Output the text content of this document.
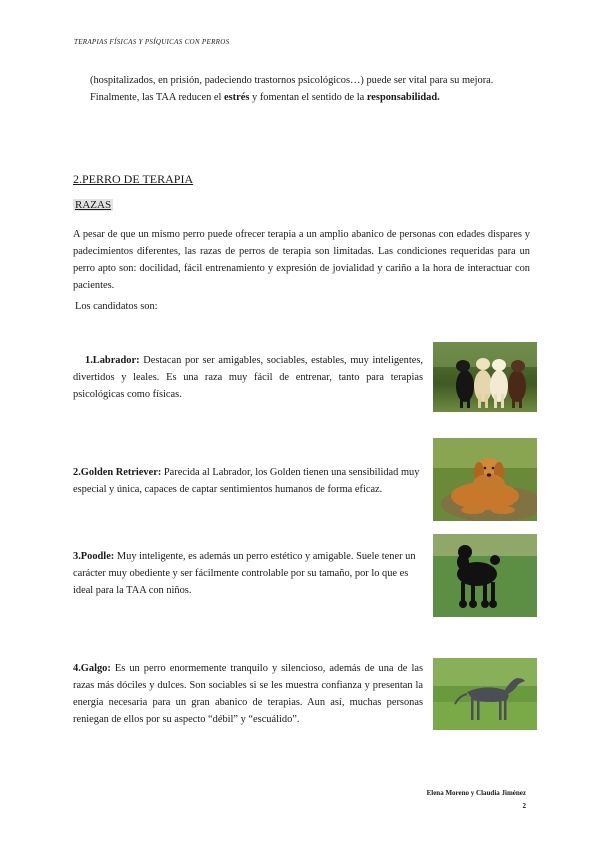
TERAPIAS FÍSICAS Y PSÍQUICAS CON PERROS
(hospitalizados, en prisión, padeciendo trastornos psicológicos…) puede ser vital para su mejora.
Finalmente, las TAA reducen el estrés y fomentan el sentido de la responsabilidad.
2.PERRO DE TERAPIA
RAZAS
A pesar de que un mismo perro puede ofrecer terapia a un amplio abanico de personas con edades dispares y padecimientos diferentes, las razas de perros de terapia son limitadas. Las condiciones requeridas para un perro apto son: docilidad, fácil entrenamiento y expresión de jovialidad y cariño a la hora de interactuar con pacientes.
Los candidatos son:
1.Labrador: Destacan por ser amigables, sociables, estables, muy inteligentes, divertidos y leales. Es una raza muy fácil de entrenar, tanto para terapias psicológicas como físicas.
2.Golden Retriever: Parecida al Labrador, los Golden tienen una sensibilidad muy especial y única, capaces de captar sentimientos humanos de forma eficaz.
3.Poodle: Muy inteligente, es además un perro estético y amigable. Suele tener un carácter muy obediente y ser fácilmente controlable por su tamaño, por lo que es ideal para la TAA con niños.
4.Galgo: Es un perro enormemente tranquilo y silencioso, además de una de las razas más dóciles y dulces. Son sociables si se les muestra confianza y presentan la energía necesaria para un gran abanico de terapias. Aun así, muchas personas reniegan de ellos por su aspecto “débil” y “escuálido”.
Elena Moreno y Claudia Jiménez
2
